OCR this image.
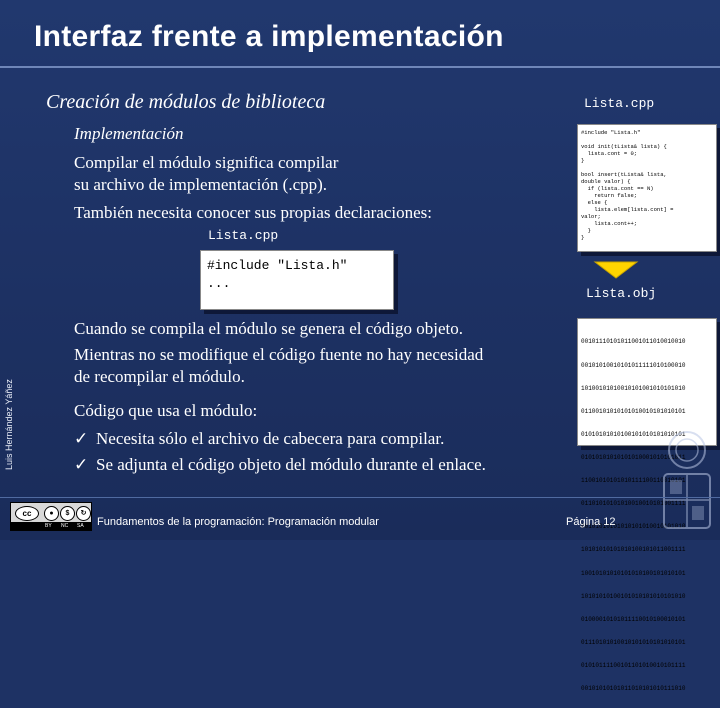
Interfaz frente a implementación
Creación de módulos de biblioteca
Implementación
Compilar el módulo significa compilar
su archivo de implementación (.cpp).
También necesita conocer sus propias declaraciones:
Lista.cpp
#include "Lista.h"
...
Cuando se compila el módulo se genera el código objeto.
Mientras no se modifique el código fuente no hay necesidad
de recompilar el módulo.
Código que usa el módulo:
✓ Necesita sólo el archivo de cabecera para compilar.
✓ Se adjunta el código objeto del módulo durante el enlace.
Lista.cpp
#include "Lista.h"

void init(tLista& lista) {
lista.cont = 0;
}

bool insert(tLista& lista,
double valor) {
if (lista.cont == N)
return false;
else {
lista.elem[lista.cont] =
valor;
lista.cont++;
}
}
Lista.obj

00101110101011001011010010010

00101010010101011111010100010

10100101010010101001010101010

01100101010101010010101010101

01010101010100101010101010101

01010101010101010001010101011

11001010101010111100110010101

01101010101010010010101001111

00101010101010101010010101010

10101010101010100101011001111

10010101010101010100101010101

10101010100101010101010101010

01000010101011110010100010101

01110101010010101010101010101

01010111100101101010010101111

00101010101011010101010111010

Luis Hernández Yáñez
cc	●	$	↻
BY NC SA Fundamentos de la programación: Programación modular	Página 12
